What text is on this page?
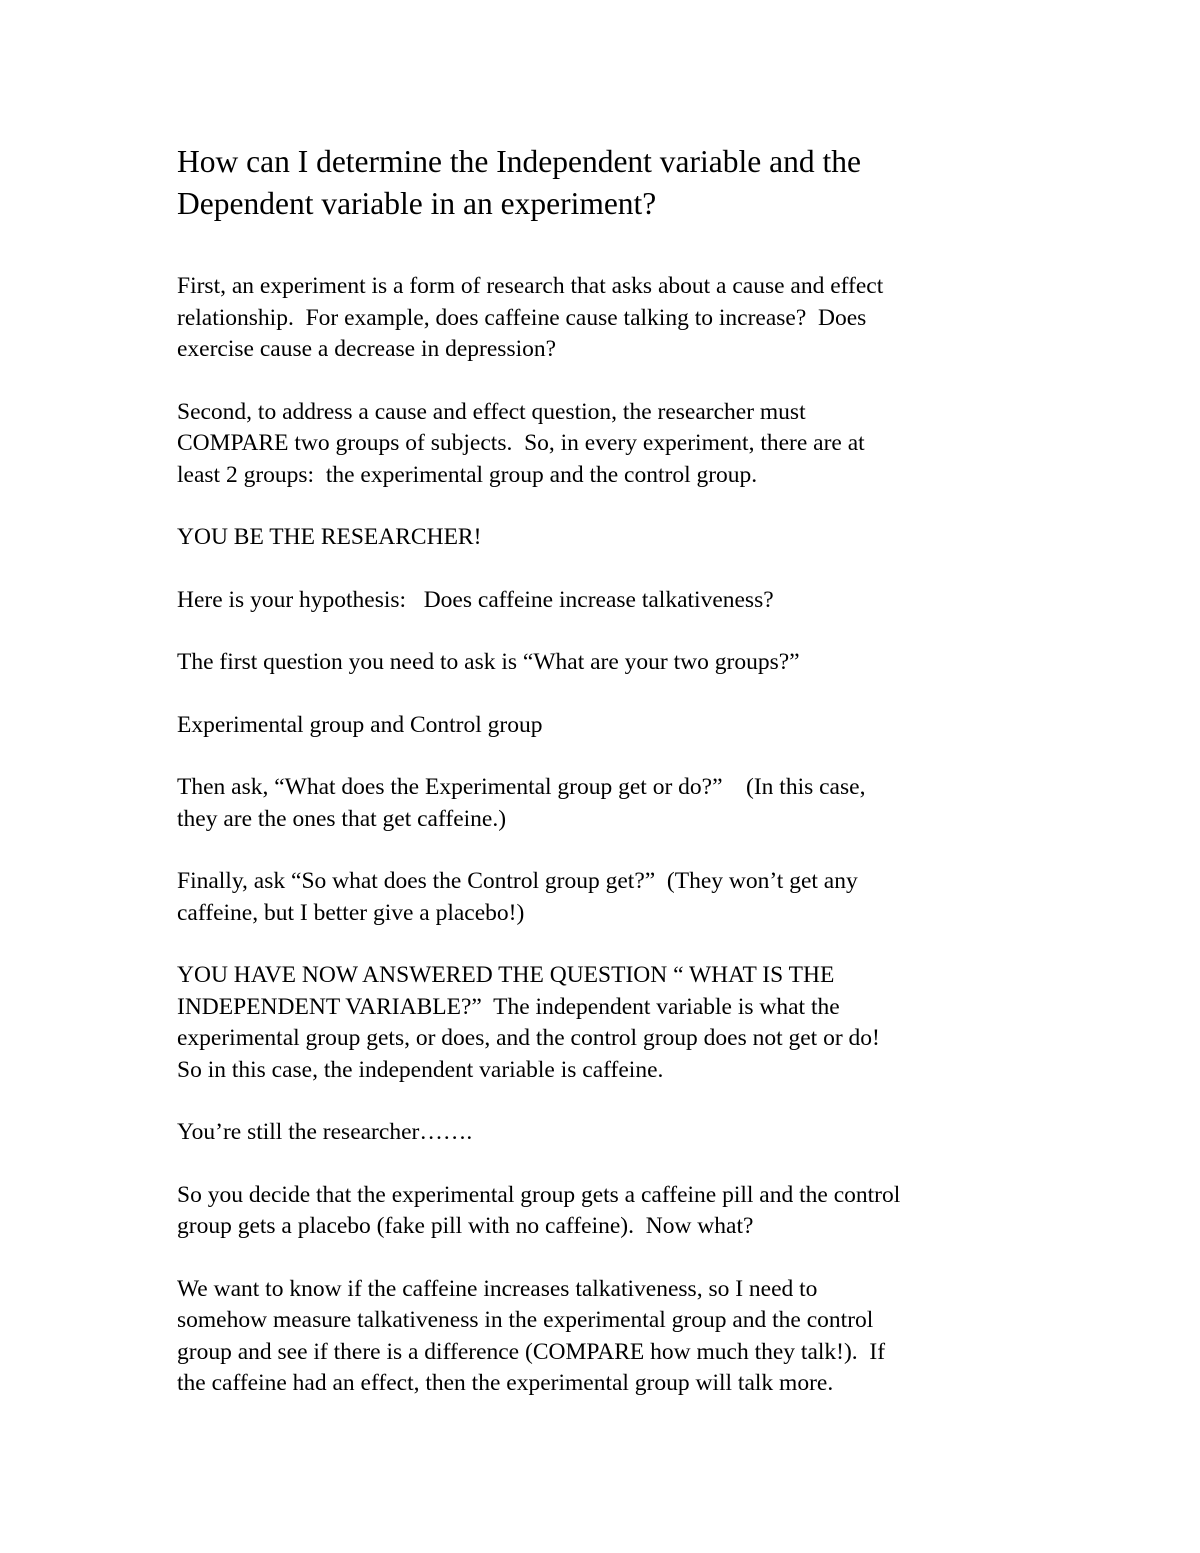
How can I determine the Independent variable and the
Dependent variable in an experiment?
First, an experiment is a form of research that asks about a cause and effect
relationship.  For example, does caffeine cause talking to increase?  Does
exercise cause a decrease in depression?
Second, to address a cause and effect question, the researcher must
COMPARE two groups of subjects.  So, in every experiment, there are at
least 2 groups:  the experimental group and the control group.
YOU BE THE RESEARCHER!
Here is your hypothesis:   Does caffeine increase talkativeness?
The first question you need to ask is “What are your two groups?”
Experimental group and Control group
Then ask, “What does the Experimental group get or do?”    (In this case,
they are the ones that get caffeine.)
Finally, ask “So what does the Control group get?”  (They won’t get any
caffeine, but I better give a placebo!)
YOU HAVE NOW ANSWERED THE QUESTION “ WHAT IS THE
INDEPENDENT VARIABLE?”  The independent variable is what the
experimental group gets, or does, and the control group does not get or do!
So in this case, the independent variable is caffeine.
You’re still the researcher…….
So you decide that the experimental group gets a caffeine pill and the control
group gets a placebo (fake pill with no caffeine).  Now what?
We want to know if the caffeine increases talkativeness, so I need to
somehow measure talkativeness in the experimental group and the control
group and see if there is a difference (COMPARE how much they talk!).  If
the caffeine had an effect, then the experimental group will talk more.
